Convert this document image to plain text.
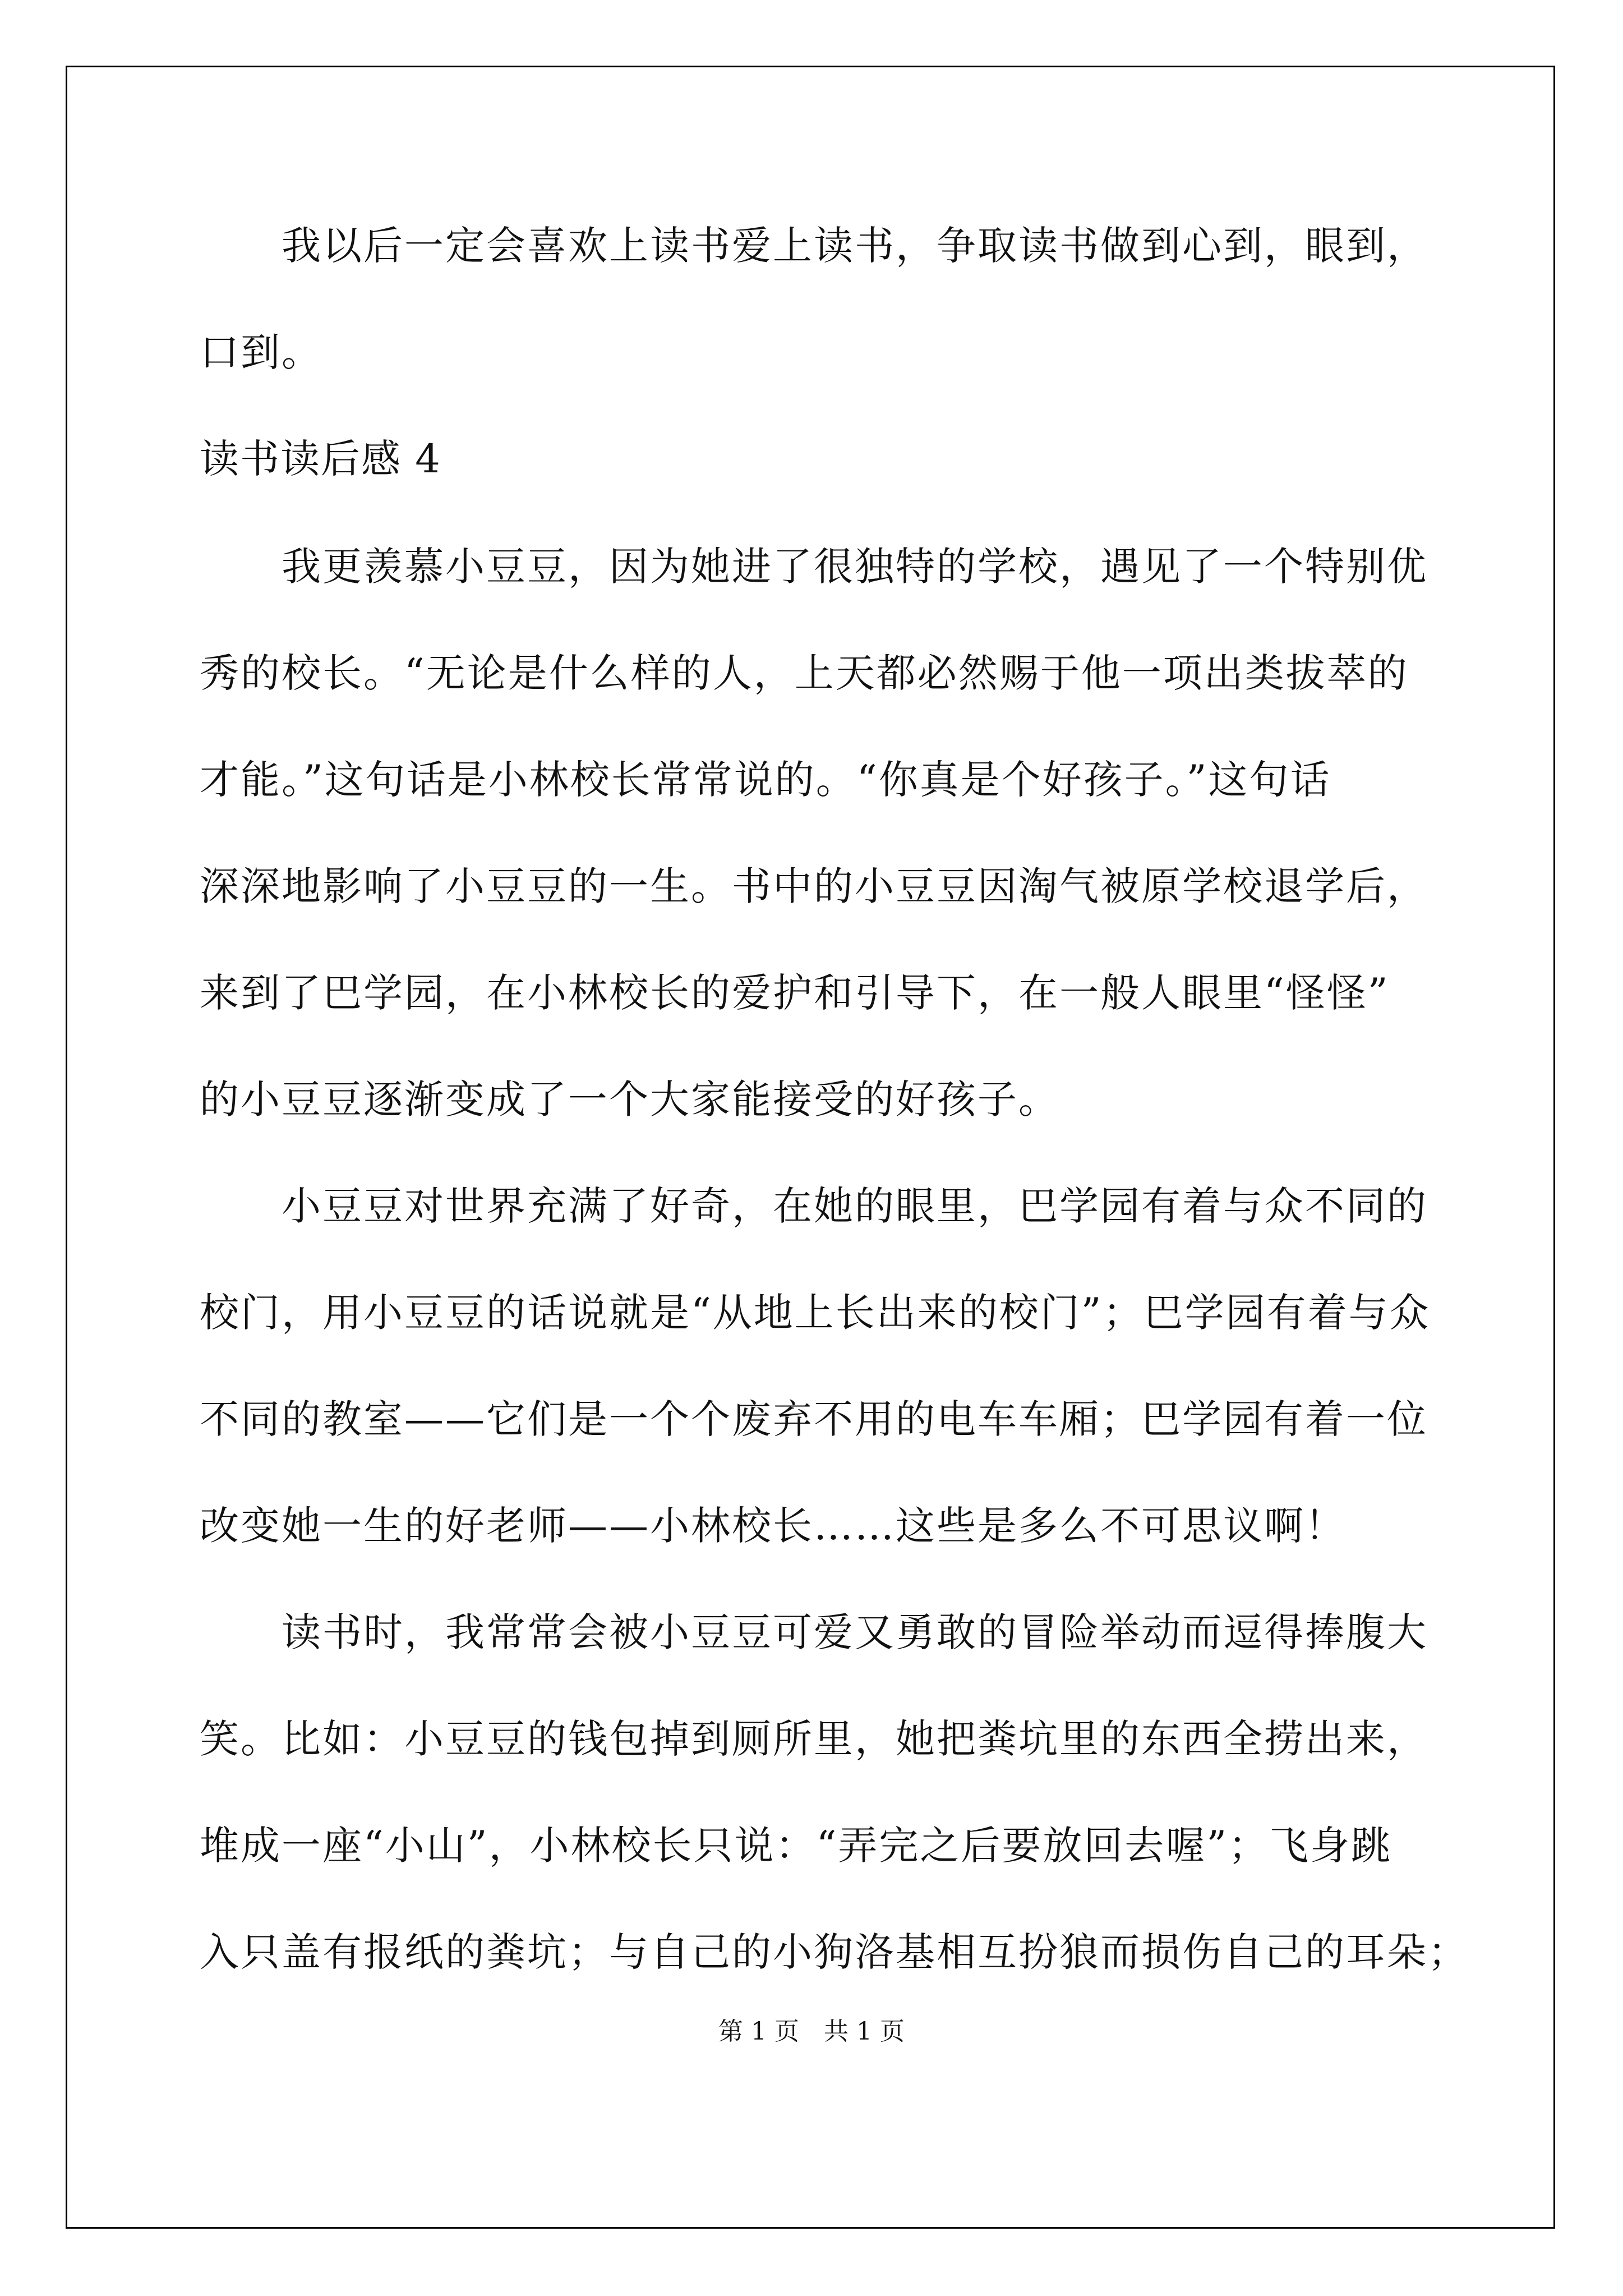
　　我以后一定会喜欢上读书爱上读书，争取读书做到心到，眼到，
口到。
读书读后感 4
　　我更羡慕小豆豆，因为她进了很独特的学校，遇见了一个特别优
秀的校长。“无论是什么样的人，上天都必然赐于他一项出类拔萃的
才能。”这句话是小林校长常常说的。“你真是个好孩子。”这句话
深深地影响了小豆豆的一生。书中的小豆豆因淘气被原学校退学后，
来到了巴学园，在小林校长的爱护和引导下，在一般人眼里“怪怪”
的小豆豆逐渐变成了一个大家能接受的好孩子。
　　小豆豆对世界充满了好奇，在她的眼里，巴学园有着与众不同的
校门，用小豆豆的话说就是“从地上长出来的校门”；巴学园有着与众
不同的教室——它们是一个个废弃不用的电车车厢；巴学园有着一位
改变她一生的好老师——小林校长……这些是多么不可思议啊！
　　读书时，我常常会被小豆豆可爱又勇敢的冒险举动而逗得捧腹大
笑。比如：小豆豆的钱包掉到厕所里，她把粪坑里的东西全捞出来，
堆成一座“小山”，小林校长只说：“弄完之后要放回去喔”；飞身跳
入只盖有报纸的粪坑；与自己的小狗洛基相互扮狼而损伤自己的耳朵；
第 1 页　共 1 页
